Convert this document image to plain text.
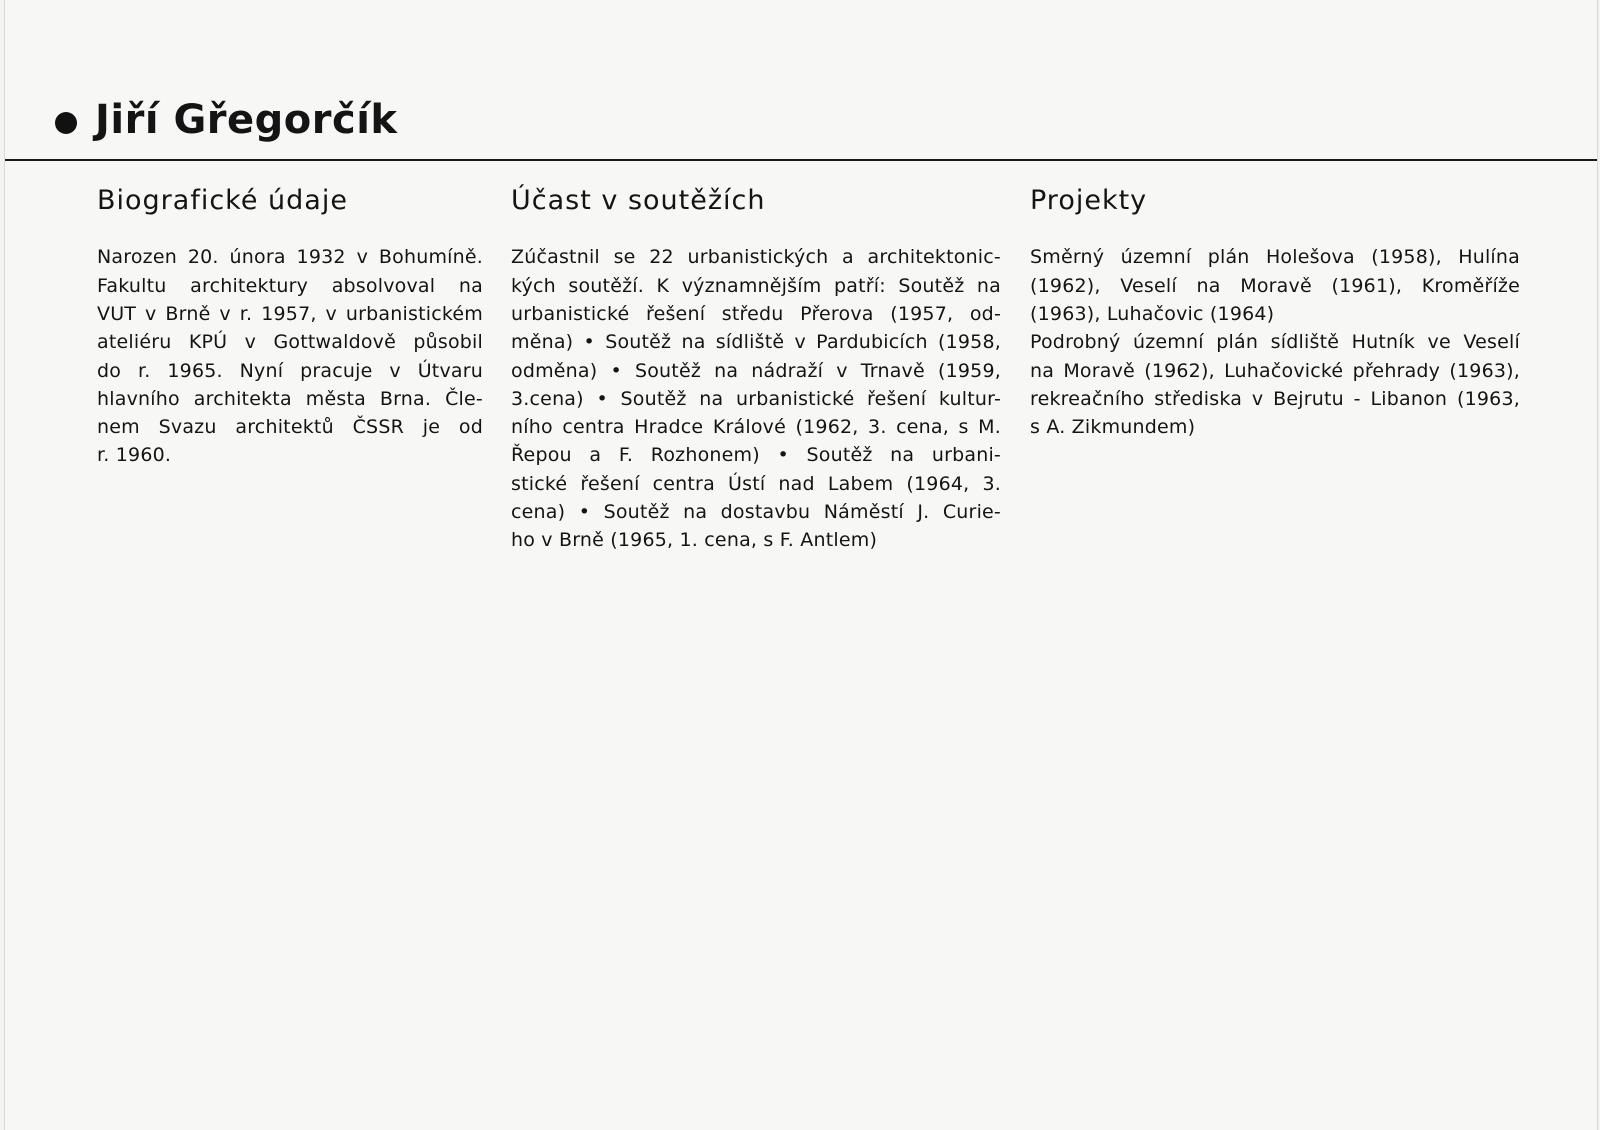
Jiří Gřegorčík
Biografické údaje

Narozen 20. února 1932 v Bohumíně.
Fakultu architektury absolvoval na
VUT v Brně v r. 1957, v urbanistickém
ateliéru KPÚ v Gottwaldově působil
do r. 1965. Nyní pracuje v Útvaru
hlavního architekta města Brna. Čle-
nem Svazu architektů ČSSR je od
r. 1960.

Účast v soutěžích

Zúčastnil se 22 urbanistických a architektonic-
kých soutěží. K významnějším patří: Soutěž na
urbanistické řešení středu Přerova (1957, od-
měna) • Soutěž na sídliště v Pardubicích (1958,
odměna) • Soutěž na nádraží v Trnavě (1959,
3.cena) • Soutěž na urbanistické řešení kultur-
ního centra Hradce Králové (1962, 3. cena, s M.
Řepou a F. Rozhonem) • Soutěž na urbani-
stické řešení centra Ústí nad Labem (1964, 3.
cena) • Soutěž na dostavbu Náměstí J. Curie-
ho v Brně (1965, 1. cena, s F. Antlem)

Projekty

Směrný územní plán Holešova (1958), Hulína
(1962), Veselí na Moravě (1961), Kroměříže
(1963), Luhačovic (1964)
Podrobný územní plán sídliště Hutník ve Veselí
na Moravě (1962), Luhačovické přehrady (1963),
rekreačního střediska v Bejrutu - Libanon (1963,
s A. Zikmundem)
